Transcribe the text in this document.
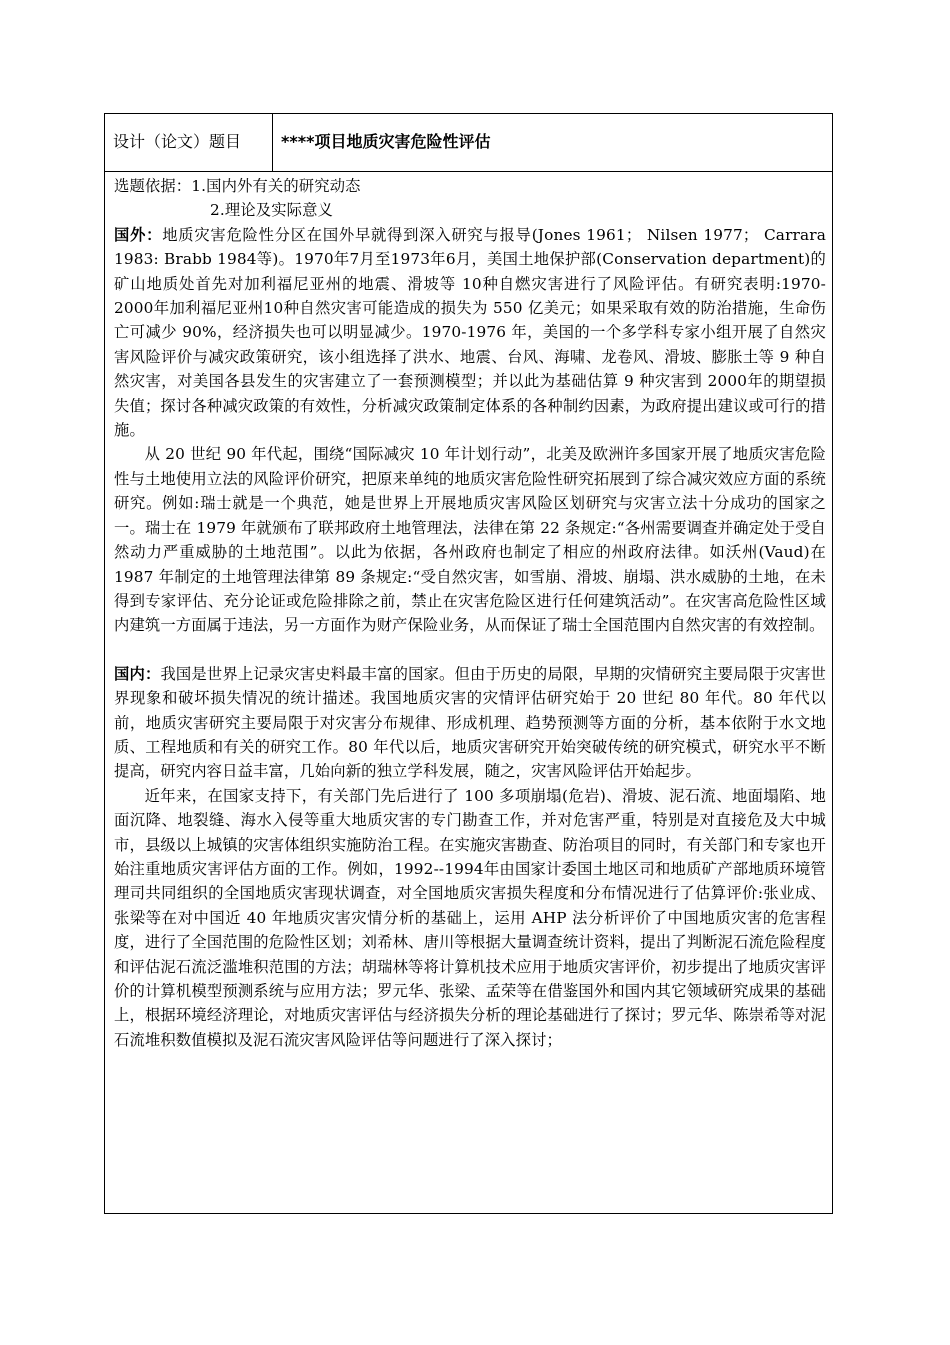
设计（论文）题目	****项目地质灾害危险性评估

选题依据：1.国内外有关的研究动态

2.理论及实际意义

国外：地质灾害危险性分区在国外早就得到深入研究与报导(Jones 1961； Nilsen 1977； Carrara 1983: Brabb 1984等)。1970年7月至1973年6月，美国土地保护部(Conservation department)的矿山地质处首先对加利福尼亚州的地震、滑坡等 10种自燃灾害进行了风险评估。有研究表明:1970- 2000年加利福尼亚州10种自然灾害可能造成的损失为 550 亿美元；如果采取有效的防治措施，生命伤亡可减少 90%，经济损失也可以明显减少。1970-1976 年，美国的一个多学科专家小组开展了自然灾害风险评价与减灾政策研究，该小组选择了洪水、地震、台风、海啸、龙卷风、滑坡、膨胀土等 9 种自然灾害，对美国各县发生的灾害建立了一套预测模型；并以此为基础估算 9 种灾害到 2000年的期望损失值；探讨各种减灾政策的有效性，分析减灾政策制定体系的各种制约因素，为政府提出建议或可行的措施。

从 20 世纪 90 年代起，围绕“国际减灾 10 年计划行动”，北美及欧洲许多国家开展了地质灾害危险性与土地使用立法的风险评价研究，把原来单纯的地质灾害危险性研究拓展到了综合减灾效应方面的系统研究。例如:瑞士就是一个典范，她是世界上开展地质灾害风险区划研究与灾害立法十分成功的国家之一。瑞士在 1979 年就颁布了联邦政府土地管理法，法律在第 22 条规定:“各州需要调查并确定处于受自然动力严重威胁的土地范围”。以此为依据，各州政府也制定了相应的州政府法律。如沃州(Vaud)在 1987 年制定的土地管理法律第 89 条规定:“受自然灾害，如雪崩、滑坡、崩塌、洪水威胁的土地，在未得到专家评估、充分论证或危险排除之前，禁止在灾害危险区进行任何建筑活动”。在灾害高危险性区域内建筑一方面属于违法，另一方面作为财产保险业务，从而保证了瑞士全国范围内自然灾害的有效控制。

国内：我国是世界上记录灾害史料最丰富的国家。但由于历史的局限，早期的灾情研究主要局限于灾害世界现象和破坏损失情况的统计描述。我国地质灾害的灾情评估研究始于 20 世纪 80 年代。80 年代以前，地质灾害研究主要局限于对灾害分布规律、形成机理、趋势预测等方面的分析，基本依附于水文地质、工程地质和有关的研究工作。80 年代以后，地质灾害研究开始突破传统的研究模式，研究水平不断提高，研究内容日益丰富，几始向新的独立学科发展，随之，灾害风险评估开始起步。

近年来，在国家支持下，有关部门先后进行了 100 多项崩塌(危岩)、滑坡、泥石流、地面塌陷、地面沉降、地裂缝、海水入侵等重大地质灾害的专门勘查工作，并对危害严重，特别是对直接危及大中城市，县级以上城镇的灾害体组织实施防治工程。在实施灾害勘查、防治项目的同时，有关部门和专家也开始注重地质灾害评估方面的工作。例如，1992--1994年由国家计委国土地区司和地质矿产部地质环境管理司共同组织的全国地质灾害现状调查，对全国地质灾害损失程度和分布情况进行了估算评价:张业成、张梁等在对中国近 40 年地质灾害灾情分析的基础上，运用 AHP 法分析评价了中国地质灾害的危害程度，进行了全国范围的危险性区划；刘希林、唐川等根据大量调查统计资料，提出了判断泥石流危险程度和评估泥石流泛滥堆积范围的方法；胡瑞林等将计算机技术应用于地质灾害评价，初步提出了地质灾害评价的计算机模型预测系统与应用方法；罗元华、张梁、孟荣等在借鉴国外和国内其它领域研究成果的基础上，根据环境经济理论，对地质灾害评估与经济损失分析的理论基础进行了探讨；罗元华、陈崇希等对泥石流堆积数值模拟及泥石流灾害风险评估等问题进行了深入探讨；
